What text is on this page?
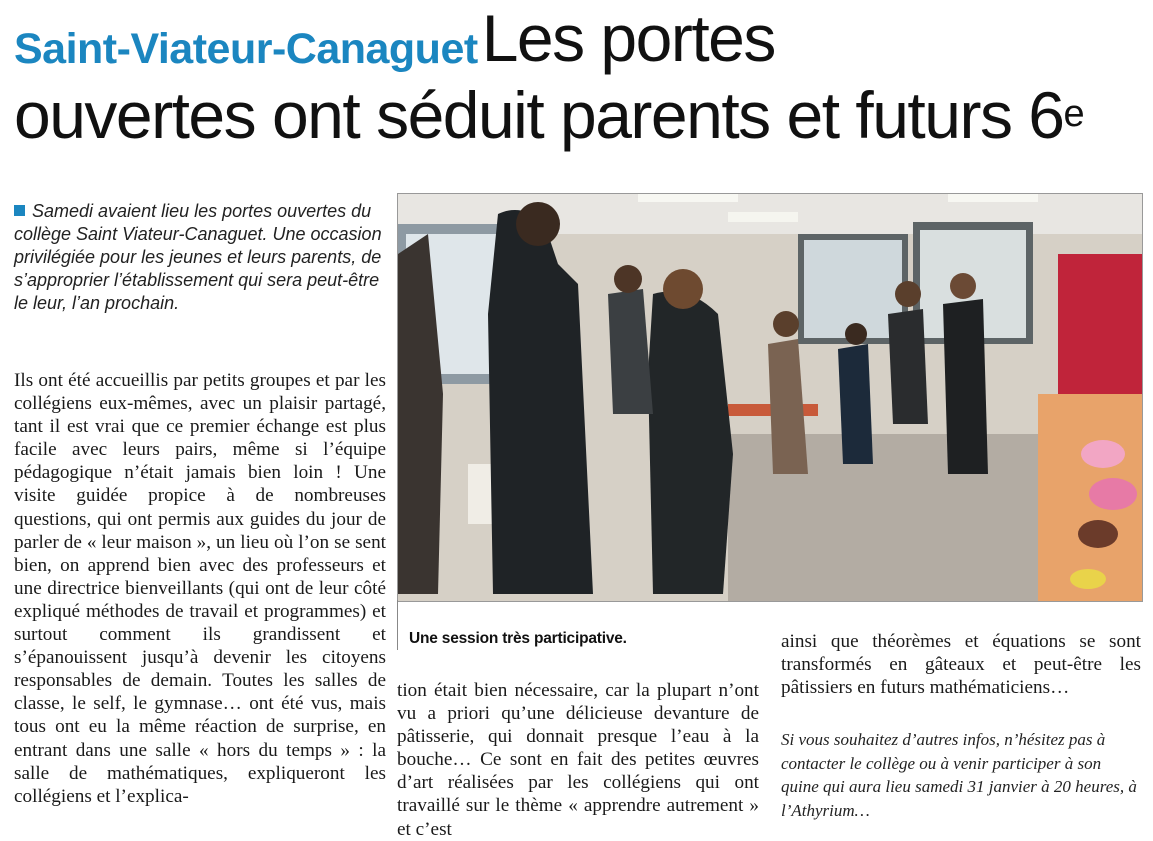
Saint-Viateur-Canaguet Les portes
ouvertes ont séduit parents et futurs 6e
Samedi avaient lieu les portes ouvertes du collège Saint Viateur-Canaguet. Une occasion privilégiée pour les jeunes et leurs parents, de s’approprier l’établissement qui sera peut-être le leur, l’an prochain.

Ils ont été accueillis par petits groupes et par les collégiens eux-mêmes, avec un plaisir partagé, tant il est vrai que ce premier échange est plus facile avec leurs pairs, même si l’équipe pédagogique n’était jamais bien loin ! Une visite guidée propice à de nombreuses questions, qui ont permis aux guides du jour de parler de « leur maison », un lieu où l’on se sent bien, on apprend bien avec des professeurs et une directrice bienveillants (qui ont de leur côté expliqué méthodes de travail et programmes) et surtout comment ils grandissent et s’épanouissent jusqu’à devenir les citoyens responsables de demain. Toutes les salles de classe, le self, le gymnase… ont été vus, mais tous ont eu la même réaction de surprise, en entrant dans une salle « hors du temps » : la salle de mathématiques, expliqueront les collégiens et l’explica-

Une session très participative.

tion était bien nécessaire, car la plupart n’ont vu a priori qu’une délicieuse devanture de pâtisserie, qui donnait presque l’eau à la bouche… Ce sont en fait des petites œuvres d’art réalisées par les collégiens qui ont travaillé sur le thème « apprendre autrement » et c’est

ainsi que théorèmes et équations se sont transformés en gâteaux et peut-être les pâtissiers en futurs mathématiciens…

Si vous souhaitez d’autres infos, n’hésitez pas à contacter le collège ou à venir participer à son quine qui aura lieu samedi 31 janvier à 20 heures, à l’Athyrium…
